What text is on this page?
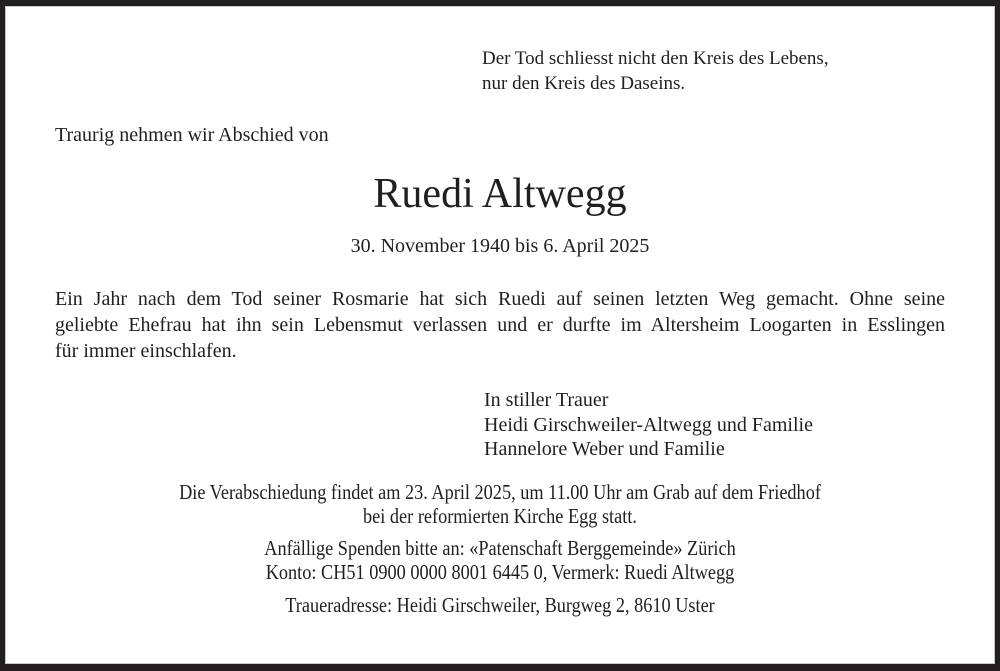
Der Tod schliesst nicht den Kreis des Lebens,
nur den Kreis des Daseins.
Traurig nehmen wir Abschied von
Ruedi Altwegg
30. November 1940 bis 6. April 2025
Ein Jahr nach dem Tod seiner Rosmarie hat sich Ruedi auf seinen letzten Weg gemacht. Ohne seine
geliebte Ehefrau hat ihn sein Lebensmut verlassen und er durfte im Altersheim Loogarten in Esslingen
für immer einschlafen.
In stiller Trauer
Heidi Girschweiler-Altwegg und Familie
Hannelore Weber und Familie
Die Verabschiedung findet am 23. April 2025, um 11.00 Uhr am Grab auf dem Friedhof
bei der reformierten Kirche Egg statt.
Anfällige Spenden bitte an: «Patenschaft Berggemeinde» Zürich
Konto: CH51 0900 0000 8001 6445 0, Vermerk: Ruedi Altwegg
Traueradresse: Heidi Girschweiler, Burgweg 2, 8610 Uster
